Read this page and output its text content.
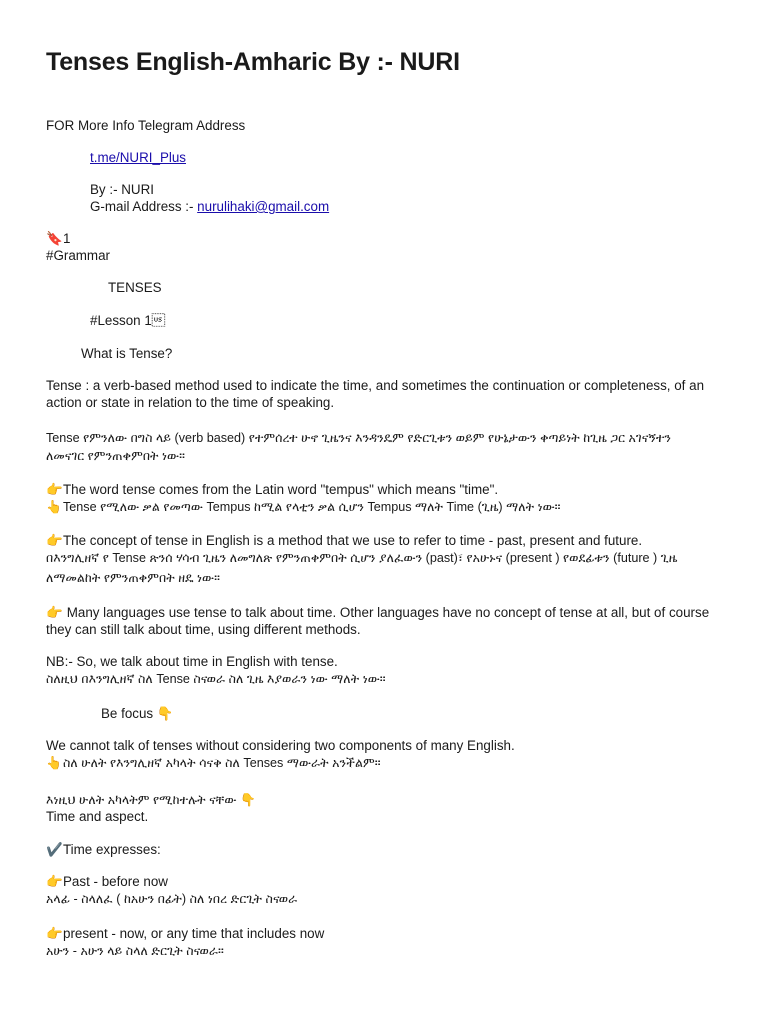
Tenses English-Amharic By :- NURI
FOR More Info Telegram Address
t.me/NURI_Plus
By :- NURI
G-mail Address :- nurulihaki@gmail.com
🔖1
#Grammar
TENSES
#Lesson 1
What is Tense?
Tense : a verb-based method used to indicate the time, and sometimes the continuation or completeness, of an
action or state in relation to the time of speaking.
Tense የምንለው በግስ ላይ (verb based) የተምሰረተ ሁኖ ጊዜንና እንዳንዴም የድርጊቱን ወይም የሁኔታውን ቀጣይነት ከጊዜ ጋር አገናኝተን
ለመናገር የምንጠቀምበት ነው።
👉The word tense comes from the Latin word "tempus" which means "time".
👆Tense የሚለው ቃል የመጣው Tempus ከሚል የላቲን ቃል ሲሆን Tempus ማለት Time (ጊዜ) ማለት ነው።
👉The concept of tense in English is a method that we use to refer to time - past, present and future.
በእንግሊዘኛ የ Tense ጽንሰ ሃሳብ ጊዜን ለመግለጽ የምንጠቀምበት ሲሆን ያለፈውን (past)፣ የአሁኑና (present ) የወደፊቱን (future ) ጊዜ
ለማመልከት የምንጠቀምበት ዘዴ ነው።
👉 Many languages use tense to talk about time. Other languages have no concept of tense at all, but of course
they can still talk about time, using different methods.
NB:- So, we talk about time in English with tense.
ስለዚህ በእንግሊዘኛ ስለ Tense ስናወራ ስለ ጊዜ እያወራን ነው ማለት ነው።
Be focus 👇
We cannot talk of tenses without considering two components of many English.
👆ስለ ሁለት የእንግሊዘኛ አካላት ሳናቅ ስለ Tenses ማውራት አንችልም።
እነዚህ ሁለት አካላትም የሚከተሉት ናቸው 👇
Time and aspect.
✔️Time expresses:
👉Past - before now
አላፊ - ስላለፈ ( ከአሁን በፊት) ስለ ነበረ ድርጊት ስናወራ
👉present - now, or any time that includes now
አሁን - አሁን ላይ ስላለ ድርጊት ስናወራ።
